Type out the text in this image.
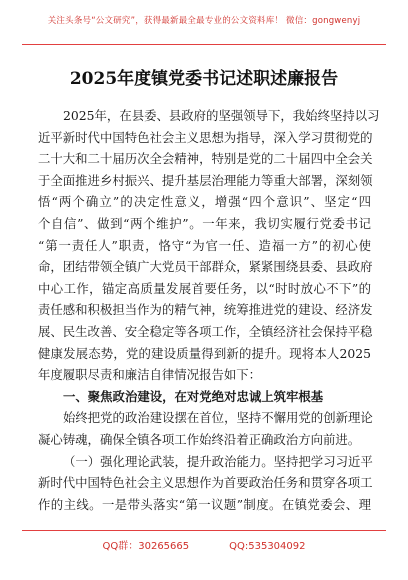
关注头条号“公文研究”，获得最新最全最专业的公文资料库！ 微信：gongwenyj
2025年度镇党委书记述职述廉报告
2025年，在县委、县政府的坚强领导下，我始终坚持以习
近平新时代中国特色社会主义思想为指导，深入学习贯彻党的
二十大和二十届历次全会精神，特别是党的二十届四中全会关
于全面推进乡村振兴、提升基层治理能力等重大部署，深刻领
悟“两个确立”的决定性意义，增强“四个意识”、坚定“四
个自信”、做到“两个维护”。一年来，我切实履行党委书记
“第一责任人”职责，恪守“为官一任、造福一方”的初心使
命，团结带领全镇广大党员干部群众，紧紧围绕县委、县政府
中心工作，锚定高质量发展首要任务，以“时时放心不下”的
责任感和积极担当作为的精气神，统筹推进党的建设、经济发
展、民生改善、安全稳定等各项工作，全镇经济社会保持平稳
健康发展态势，党的建设质量得到新的提升。现将本人2025
年度履职尽责和廉洁自律情况报告如下：
一、聚焦政治建设，在对党绝对忠诚上筑牢根基
始终把党的政治建设摆在首位，坚持不懈用党的创新理论
凝心铸魂，确保全镇各项工作始终沿着正确政治方向前进。
（一）强化理论武装，提升政治能力。坚持把学习习近平
新时代中国特色社会主义思想作为首要政治任务和贯穿各项工
作的主线。一是带头落实“第一议题”制度。在镇党委会、理
QQ群：30265665	QQ:535304092
